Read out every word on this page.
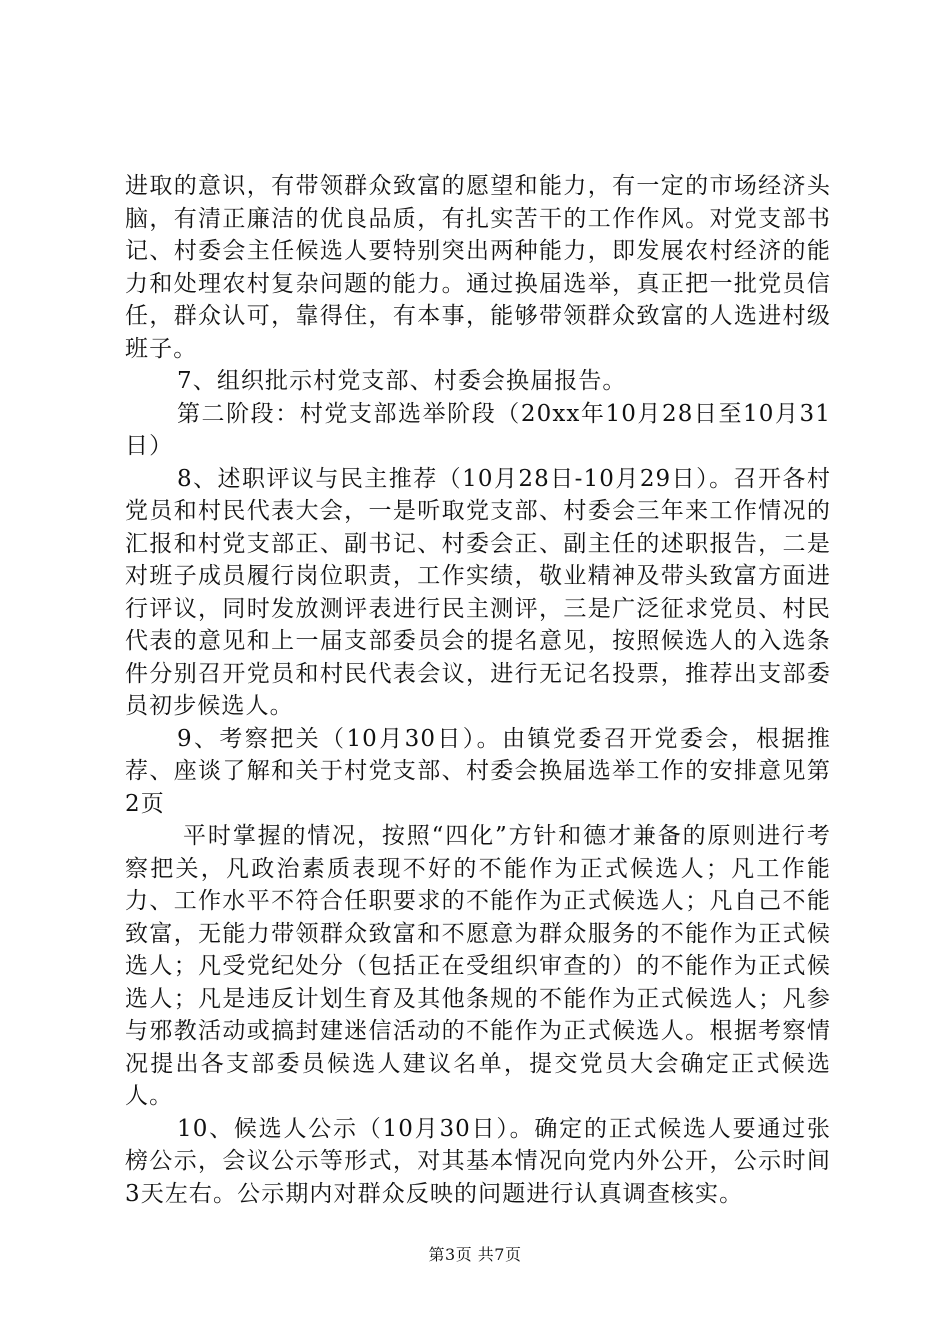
进取的意识，有带领群众致富的愿望和能力，有一定的市场经济头脑，有清正廉洁的优良品质，有扎实苦干的工作作风。对党支部书记、村委会主任候选人要特别突出两种能力，即发展农村经济的能力和处理农村复杂问题的能力。通过换届选举，真正把一批党员信任，群众认可，靠得住，有本事，能够带领群众致富的人选进村级班子。

7、组织批示村党支部、村委会换届报告。

第二阶段：村党支部选举阶段（20xx年10月28日至10月31日）

8、述职评议与民主推荐（10月28日-10月29日）。召开各村党员和村民代表大会，一是听取党支部、村委会三年来工作情况的汇报和村党支部正、副书记、村委会正、副主任的述职报告，二是对班子成员履行岗位职责，工作实绩，敬业精神及带头致富方面进行评议，同时发放测评表进行民主测评，三是广泛征求党员、村民代表的意见和上一届支部委员会的提名意见，按照候选人的入选条件分别召开党员和村民代表会议，进行无记名投票，推荐出支部委员初步候选人。

9、考察把关（10月30日）。由镇党委召开党委会，根据推荐、座谈了解和关于村党支部、村委会换届选举工作的安排意见第2页

平时掌握的情况，按照“四化”方针和德才兼备的原则进行考察把关，凡政治素质表现不好的不能作为正式候选人；凡工作能力、工作水平不符合任职要求的不能作为正式候选人；凡自己不能致富，无能力带领群众致富和不愿意为群众服务的不能作为正式候选人；凡受党纪处分（包括正在受组织审查的）的不能作为正式候选人；凡是违反计划生育及其他条规的不能作为正式候选人；凡参与邪教活动或搞封建迷信活动的不能作为正式候选人。根据考察情况提出各支部委员候选人建议名单，提交党员大会确定正式候选人。

10、候选人公示（10月30日）。确定的正式候选人要通过张榜公示，会议公示等形式，对其基本情况向党内外公开，公示时间3天左右。公示期内对群众反映的问题进行认真调查核实。

第3页 共7页
